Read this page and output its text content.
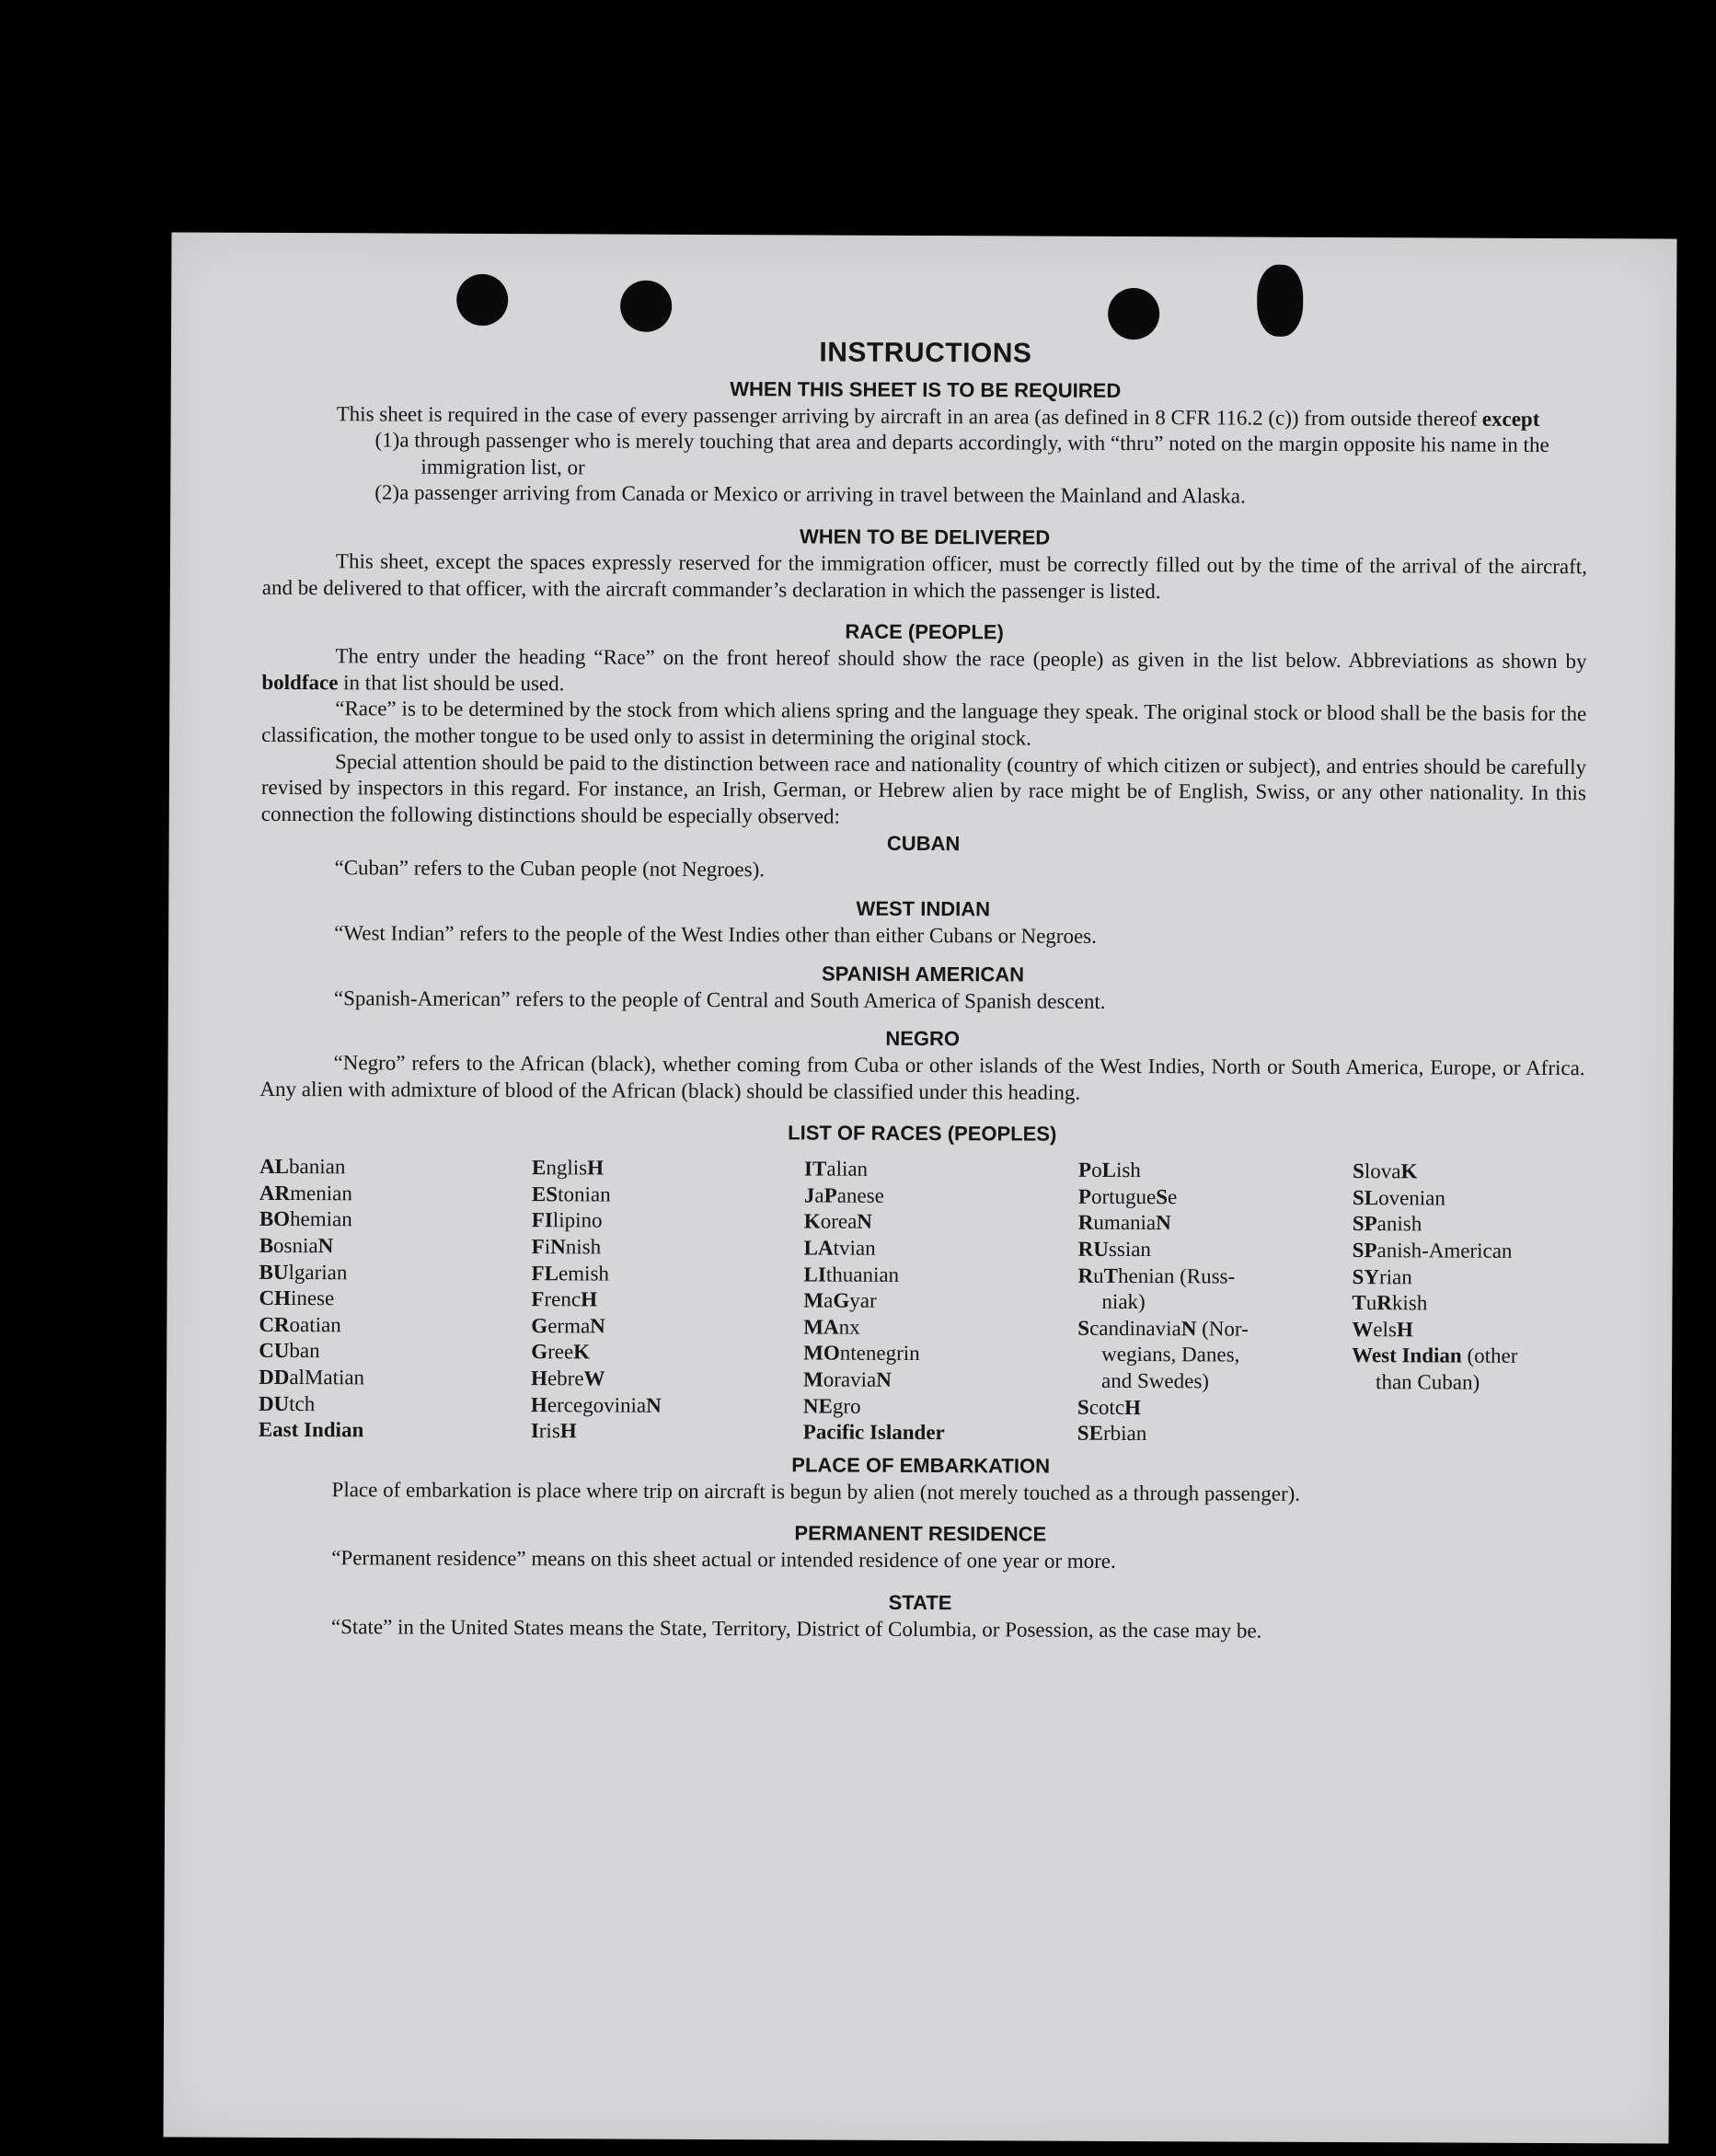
INSTRUCTIONS
WHEN THIS SHEET IS TO BE REQUIRED

This sheet is required in the case of every passenger arriving by aircraft in an area (as defined in 8 CFR 116.2 (c)) from outside thereof except

(1)a through passenger who is merely touching that area and departs accordingly, with “thru” noted on the margin opposite his name in the immigration list, or
(2)a passenger arriving from Canada or Mexico or arriving in travel between the Mainland and Alaska.
WHEN TO BE DELIVERED

This sheet, except the spaces expressly reserved for the immigration officer, must be correctly filled out by the time of the arrival of the aircraft, and be delivered to that officer, with the aircraft commander’s declaration in which the passenger is listed.

RACE (PEOPLE)

The entry under the heading “Race” on the front hereof should show the race (people) as given in the list below. Abbreviations as shown by boldface in that list should be used.

“Race” is to be determined by the stock from which aliens spring and the language they speak. The original stock or blood shall be the basis for the classification, the mother tongue to be used only to assist in determining the original stock.

Special attention should be paid to the distinction between race and nationality (country of which citizen or subject), and entries should be carefully revised by inspectors in this regard. For instance, an Irish, German, or Hebrew alien by race might be of English, Swiss, or any other nationality. In this connection the following distinctions should be especially observed:

CUBAN

“Cuban” refers to the Cuban people (not Negroes).

WEST INDIAN

“West Indian” refers to the people of the West Indies other than either Cubans or Negroes.

SPANISH AMERICAN

“Spanish-American” refers to the people of Central and South America of Spanish descent.

NEGRO

“Negro” refers to the African (black), whether coming from Cuba or other islands of the West Indies, North or South America, Europe, or Africa. Any alien with admixture of blood of the African (black) should be classified under this heading.

LIST OF RACES (PEOPLES)
ALbanian
ARmenian
BOhemian
BosniaN
BUlgarian
CHinese
CRoatian
CUban
DDalMatian
DUtch
East Indian
EnglisH
EStonian
FIlipino
FiNnish
FLemish
FrencH
GermaN
GreeK
HebreW
HercegoviniaN
IrisH
ITalian
JaPanese
KoreaN
LAtvian
LIthuanian
MaGyar
MAnx
MOntenegrin
MoraviaN
NEgro
Pacific Islander
PoLish
PortugueSe
RumaniaN
RUssian
RuThenian (Russ-
niak)
ScandinaviaN (Nor-
wegians, Danes,
and Swedes)
ScotcH
SErbian
SlovaK
SLovenian
SPanish
SPanish-American
SYrian
TuRkish
WelsH
West Indian (other
than Cuban)
PLACE OF EMBARKATION

Place of embarkation is place where trip on aircraft is begun by alien (not merely touched as a through passenger).

PERMANENT RESIDENCE

“Permanent residence” means on this sheet actual or intended residence of one year or more.

STATE

“State” in the United States means the State, Territory, District of Columbia, or Posession, as the case may be.
